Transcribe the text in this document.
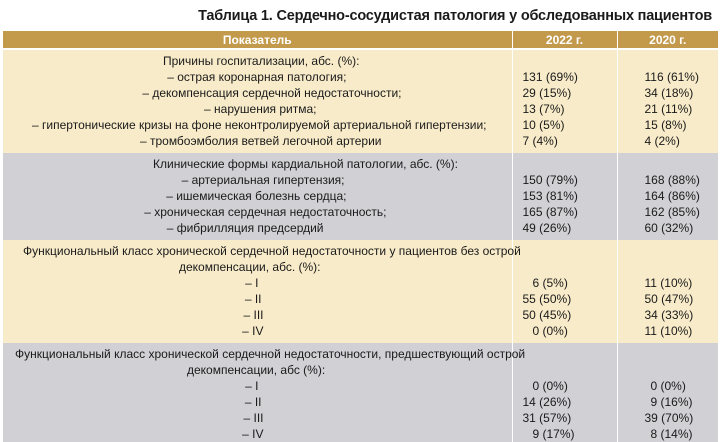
Таблица 1. Сердечно-сосудистая патология у обследованных пациентов
Показатель	2022 г.	2020 г.

Причины госпитализации, абс. (%):		
– острая коронарная патология;	131 (69%)	116 (61%)
– декомпенсация сердечной недостаточности;	29 (15%)	34 (18%)
– нарушения ритма;	13 (7%)	21 (11%)
– гипертонические кризы на фоне неконтролируемой артериальной гипертензии;	10 (5%)	15 (8%)
– тромбоэмболия ветвей легочной артерии	7 (4%)	4 (2%)
Клинические формы кардиальной патологии, абс. (%):		
– артериальная гипертензия;	150 (79%)	168 (88%)
– ишемическая болезнь сердца;	153 (81%)	164 (86%)
– хроническая сердечная недостаточность;	165 (87%)	162 (85%)
– фибрилляция предсердий	49 (26%)	60 (32%)
Функциональный класс хронической сердечной недостаточности у пациентов без острой		
декомпенсации, абс. (%):		
– I	6 (5%)	11 (10%)
– II	55 (50%)	50 (47%)
– III	50 (45%)	34 (33%)
– IV	0 (0%)	11 (10%)
Функциональный класс хронической сердечной недостаточности, предшествующий острой		
декомпенсации, абс (%):		
– I	0 (0%)	0 (0%)
– II	14 (26%)	9 (16%)
– III	31 (57%)	39 (70%)
– IV	9 (17%)	8 (14%)
